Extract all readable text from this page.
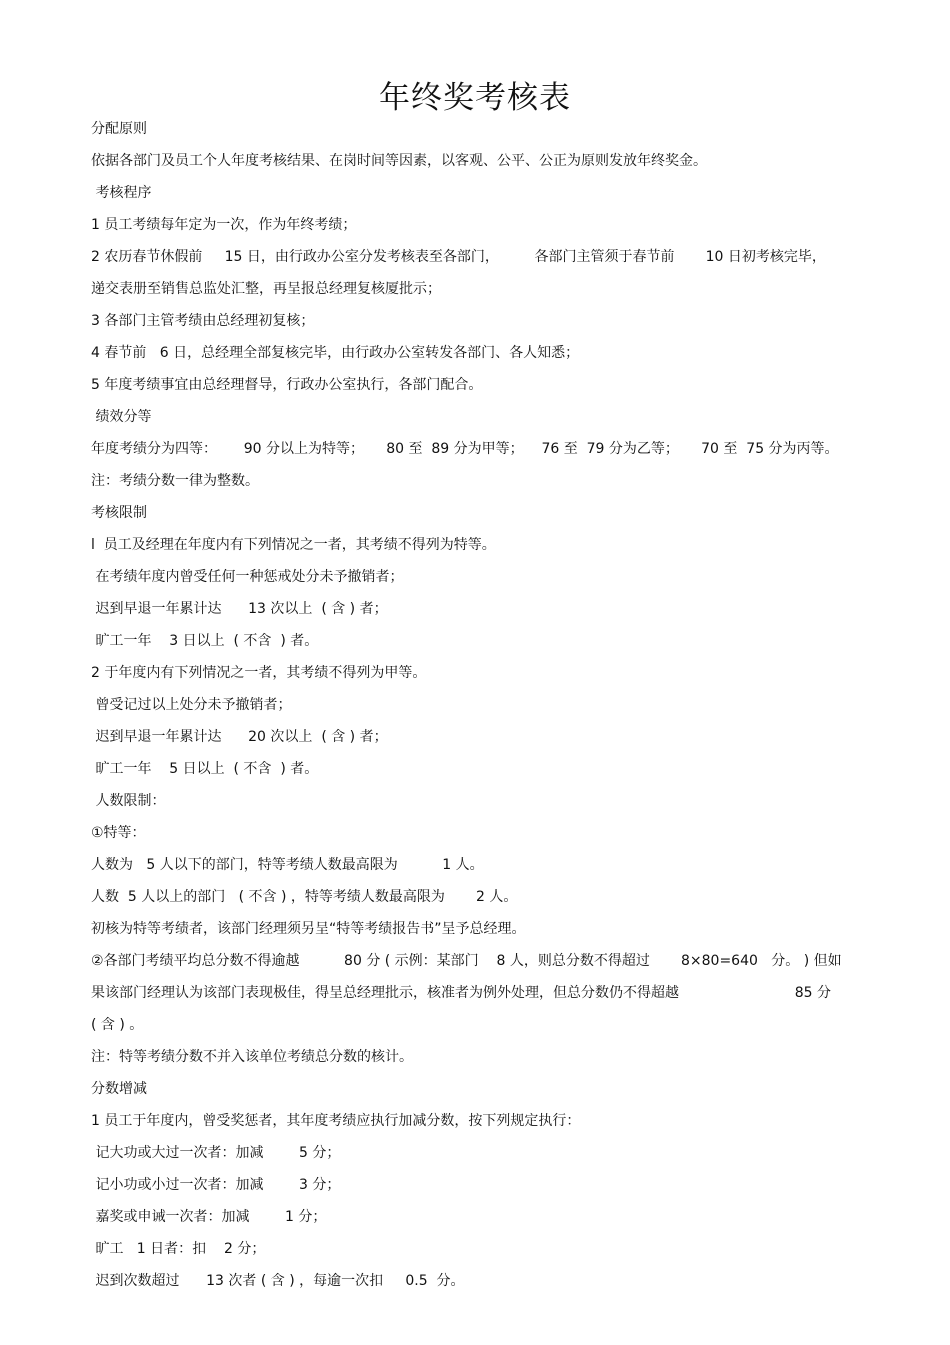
年终奖考核表
分配原则
依据各部门及员工个人年度考核结果、在岗时间等因素，以客观、公平、公正为原则发放年终奖金。
考核程序
1 员工考绩每年定为一次，作为年终考绩；
2 农历春节休假前     15 日，由行政办公室分发考核表至各部门，        各部门主管须于春节前       10 日初考核完毕，
递交表册至销售总监处汇整，再呈报总经理复核厦批示；
3 各部门主管考绩由总经理初复核；
4 春节前   6 日，总经理全部复核完毕，由行政办公室转发各部门、各人知悉；
5 年度考绩事宜由总经理督导，行政办公室执行，各部门配合。
绩效分等
年度考绩分为四等：      90 分以上为特等；     80 至  89 分为甲等；    76 至  79 分为乙等；     70 至  75 分为丙等。
注：考绩分数一律为整数。
考核限制
l  员工及经理在年度内有下列情况之一者，其考绩不得列为特等。
在考绩年度内曾受任何一种惩戒处分未予撤销者；
迟到早退一年累计达      13 次以上  ( 含 ) 者；
旷工一年    3 日以上  ( 不含  ) 者。
2 于年度内有下列情况之一者，其考绩不得列为甲等。
曾受记过以上处分未予撤销者；
迟到早退一年累计达      20 次以上  ( 含 ) 者；
旷工一年    5 日以上  ( 不含  ) 者。
人数限制：
①特等：
人数为   5 人以下的部门，特等考绩人数最高限为          1 人。
人数  5 人以上的部门   ( 不含 ) ，特等考绩人数最高限为       2 人。
初核为特等考绩者，该部门经理须另呈“特等考绩报告书”呈予总经理。
②各部门考绩平均总分数不得逾越          80 分 ( 示例：某部门    8 人，则总分数不得超过       8×80=640   分。 ) 但如
果该部门经理认为该部门表现极佳，得呈总经理批示，核准者为例外处理，但总分数仍不得超越                          85 分
( 含 ) 。
注：特等考绩分数不并入该单位考绩总分数的核计。
分数增减
1 员工于年度内，曾受奖惩者，其年度考绩应执行加减分数，按下列规定执行：
记大功或大过一次者：加减        5 分；
记小功或小过一次者：加减        3 分；
嘉奖或申诫一次者：加减        1 分；
旷工   1 日者：扣    2 分；
迟到次数超过      13 次者 ( 含 ) ，每逾一次扣     0.5  分。
